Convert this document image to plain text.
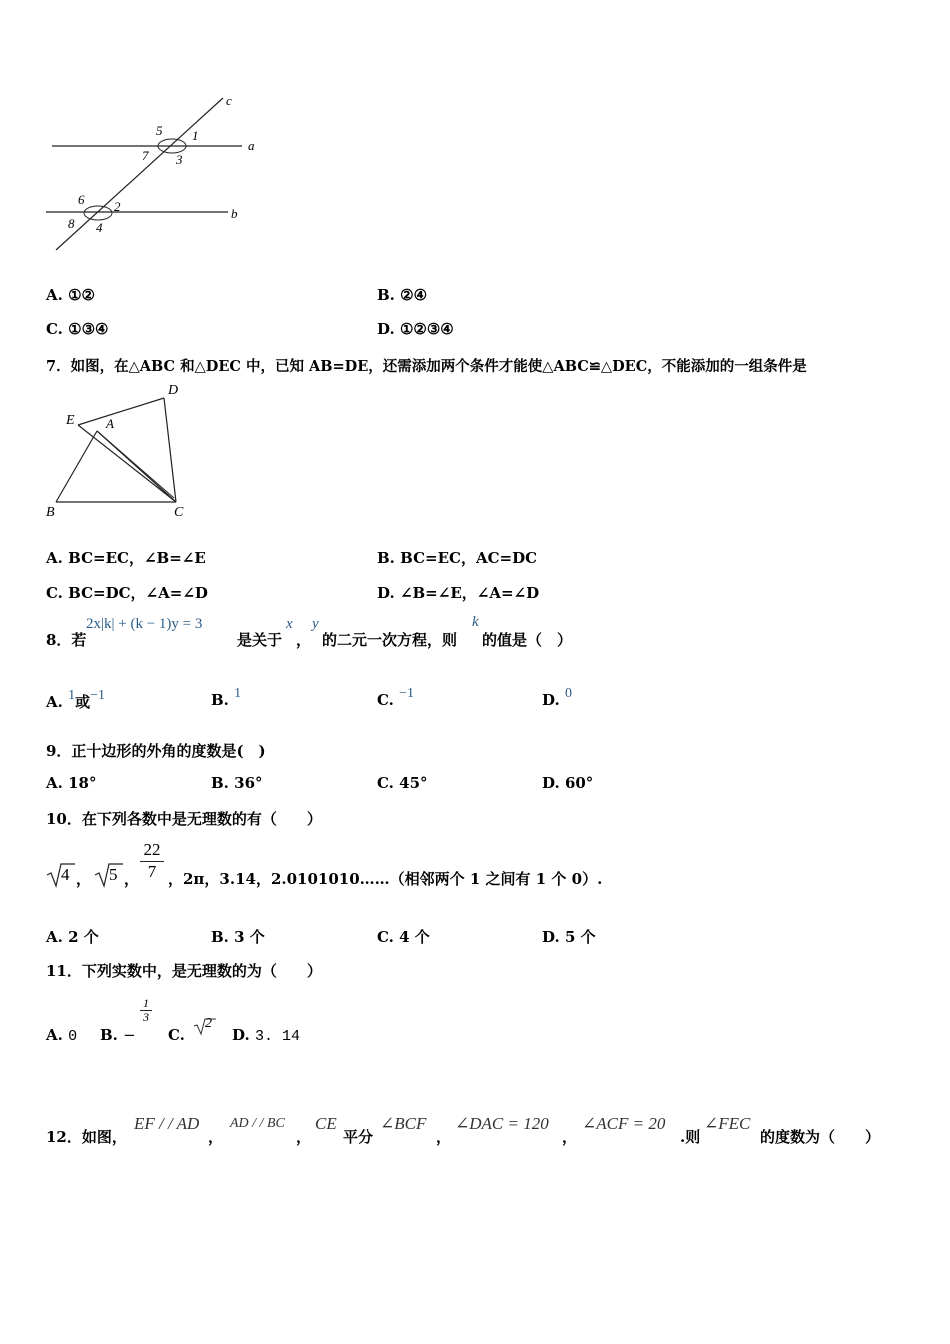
a
b
c
5 1
7 3
6 2
8 4
A. ①②	B. ②④
C. ①③④	D. ①②③④
7．如图，在△ABC 和△DEC 中，已知 AB=DE，还需添加两个条件才能使△ABC≌△DEC，不能添加的一组条件是
D
E A
B	C
A. BC=EC，∠B=∠E	B. BC=EC，AC=DC
C. BC=DC，∠A=∠D	D. ∠B=∠E，∠A=∠D
8．若
2x|k| + (k − 1)y = 3
是关于
x
，
y
的二元一次方程，则
k
的值是（　）
A. 1或−1	B. 1	C. −1	D. 0
9．正十边形的外角的度数是(　)
A. 18°	B. 36°	C. 45°	D. 60°
10．在下列各数中是无理数的有（　　）
4 ， 5 ， $\frac{22}{7}$ ，2π，3.14，2.0101010……（相邻两个 1 之间有 1 个 0）.
A. 2 个	B. 3 个	C. 4 个	D. 5 个
11．下列实数中，是无理数的为（　　）
A. 0 B. −
$\frac{1}{3}$
C.
2
D. 3. 14
12．如图，
EF / / AD
，
AD / / BC
，
CE
平分
∠BCF
，
∠DAC = 120
，
∠ACF = 20
.则
∠FEC
的度数为（　　）
